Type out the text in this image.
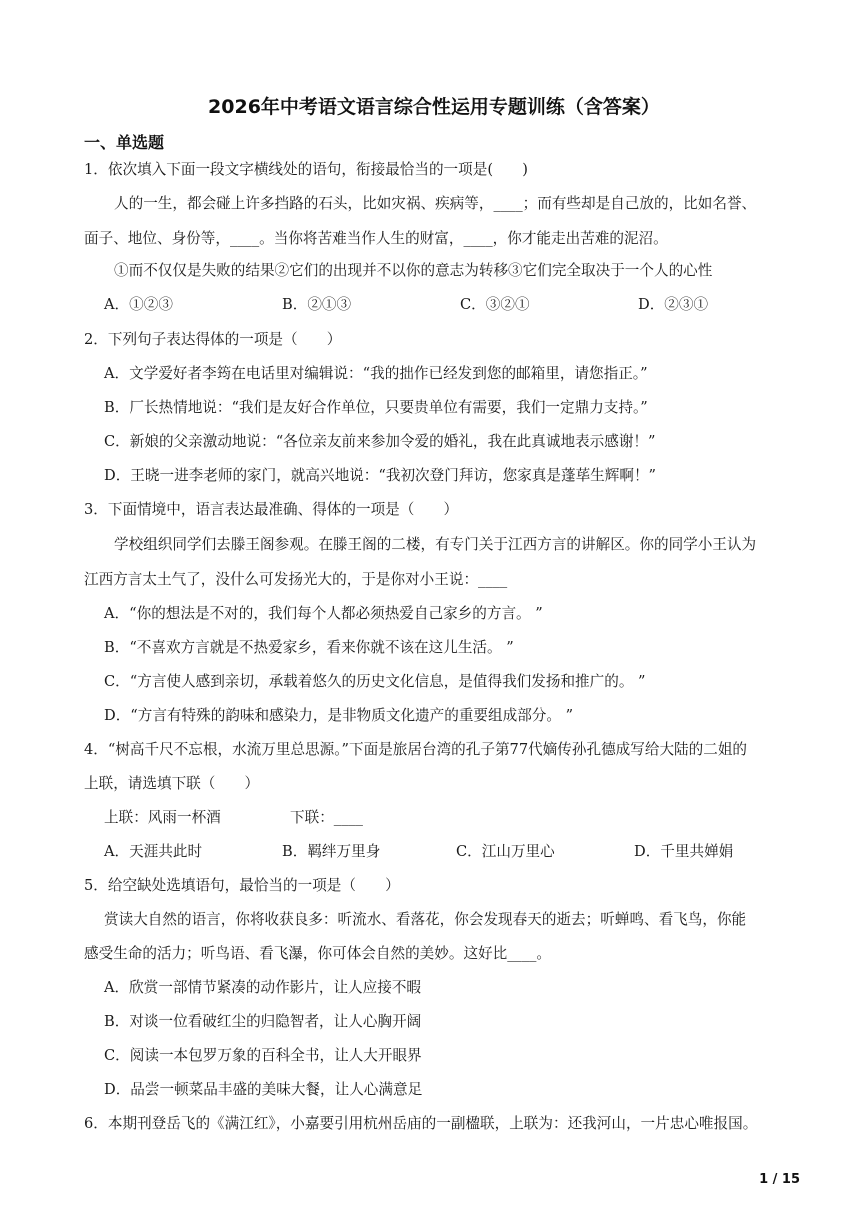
2026年中考语文语言综合性运用专题训练（含答案）
一、单选题
1．依次填入下面一段文字横线处的语句，衔接最恰当的一项是(　　)
人的一生，都会碰上许多挡路的石头，比如灾祸、疾病等，____；而有些却是自己放的，比如名誉、
面子、地位、身份等，____。当你将苦难当作人生的财富，____，你才能走出苦难的泥沼。
①而不仅仅是失败的结果②它们的出现并不以你的意志为转移③它们完全取决于一个人的心性
A．①②③	B．②①③	C．③②①	D．②③①
2．下列句子表达得体的一项是（　　）
A．文学爱好者李筠在电话里对编辑说：“我的拙作已经发到您的邮箱里，请您指正。”
B．厂长热情地说：“我们是友好合作单位，只要贵单位有需要，我们一定鼎力支持。”
C．新娘的父亲激动地说：“各位亲友前来参加令爱的婚礼，我在此真诚地表示感谢！”
D．王晓一进李老师的家门，就高兴地说：“我初次登门拜访，您家真是蓬荜生辉啊！”
3．下面情境中，语言表达最准确、得体的一项是（　　）
学校组织同学们去滕王阁参观。在滕王阁的二楼，有专门关于江西方言的讲解区。你的同学小王认为
江西方言太土气了，没什么可发扬光大的，于是你对小王说：____
A．“你的想法是不对的，我们每个人都必须热爱自己家乡的方言。 ”
B．“不喜欢方言就是不热爱家乡，看来你就不该在这儿生活。 ”
C．“方言使人感到亲切，承载着悠久的历史文化信息，是值得我们发扬和推广的。 ”
D．“方言有特殊的韵味和感染力，是非物质文化遗产的重要组成部分。 ”
4．“树高千尺不忘根，水流万里总思源。”下面是旅居台湾的孔子第77代嫡传孙孔德成写给大陆的二姐的
上联，请选填下联（　　）
上联：风雨一杯酒	下联：____
A．天涯共此时	B．羁绊万里身	C．江山万里心	D．千里共婵娟
5．给空缺处选填语句，最恰当的一项是（　　）
赏读大自然的语言，你将收获良多：听流水、看落花，你会发现春天的逝去；听蝉鸣、看飞鸟，你能
感受生命的活力；听鸟语、看飞瀑，你可体会自然的美妙。这好比____。
A．欣赏一部情节紧凑的动作影片，让人应接不暇
B．对谈一位看破红尘的归隐智者，让人心胸开阔
C．阅读一本包罗万象的百科全书，让人大开眼界
D．品尝一顿菜品丰盛的美味大餐，让人心满意足
6．本期刊登岳飞的《满江红》，小嘉要引用杭州岳庙的一副楹联，上联为：还我河山，一片忠心唯报国。
1 / 15
